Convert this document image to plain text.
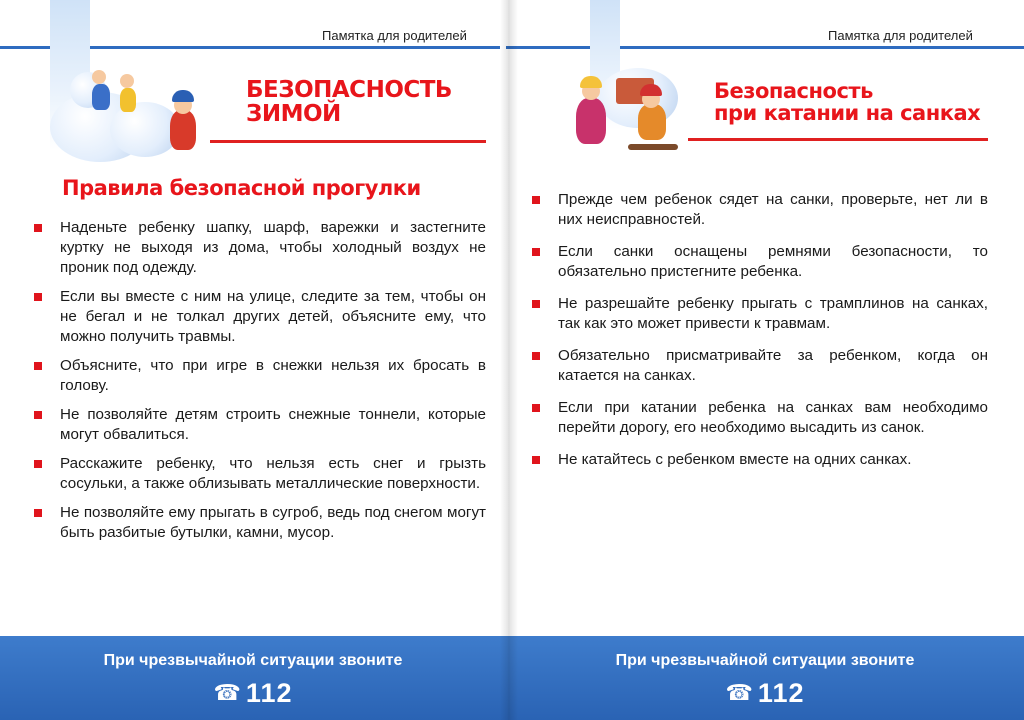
Памятка для родителей
БЕЗОПАСНОСТЬ
ЗИМОЙ
Правила безопасной прогулки
Наденьте ребенку шапку, шарф, варежки и застегните куртку не выходя из дома, чтобы холодный воздух не проник под одежду.
Если вы вместе с ним на улице, следите за тем, чтобы он не бегал и не толкал других детей, объясните ему, что можно получить травмы.
Объясните, что при игре в снежки нельзя их бросать в голову.
Не позволяйте детям строить снежные тоннели, которые могут обвалиться.
Расскажите ребенку, что нельзя есть снег и грызть сосульки, а также облизывать металлические поверхности.
Не позволяйте ему прыгать в сугроб, ведь под снегом могут быть разбитые бутылки, камни, мусор.
При чрезвычайной ситуации звоните
☎ 112
Памятка для родителей
Безопасность
при катании на санках
Прежде чем ребенок сядет на санки, проверьте, нет ли в них неисправностей.
Если санки оснащены ремнями безопасности, то обязательно пристегните ребенка.
Не разрешайте ребенку прыгать с трамплинов на санках, так как это может привести к травмам.
Обязательно присматривайте за ребенком, когда он катается на санках.
Если при катании ребенка на санках вам необходимо перейти дорогу, его необходимо высадить из санок.
Не катайтесь с ребенком вместе на одних санках.
При чрезвычайной ситуации звоните
☎ 112
